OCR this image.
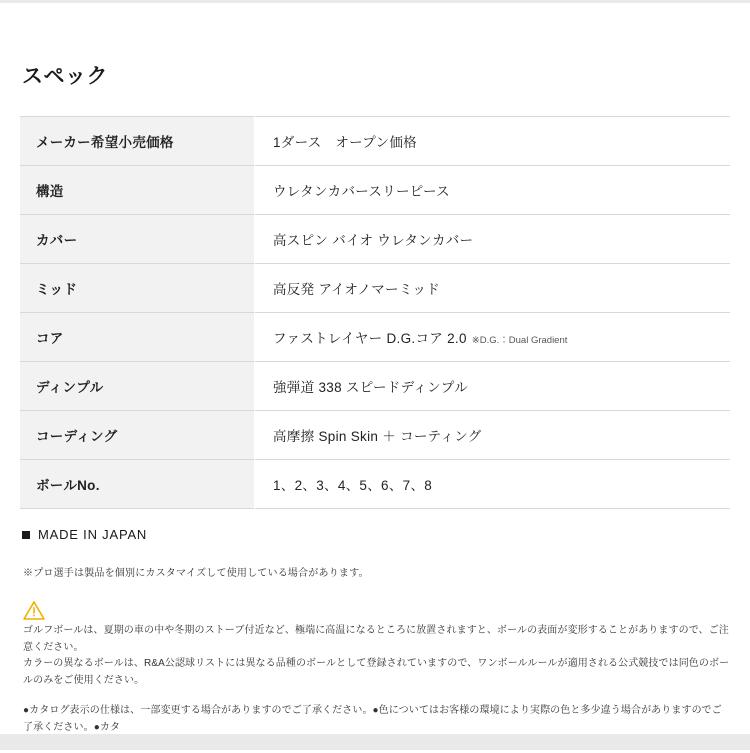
スペック
メーカー希望小売価格	1ダース　オープン価格
構造	ウレタンカバースリーピース
カバー	高スピン バイオ ウレタンカバー
ミッド	高反発 アイオノマーミッド
コア	ファストレイヤー D.G.コア 2.0 ※D.G.：Dual Gradient
ディンプル	強弾道 338 スピードディンプル
コーディング	高摩擦 Spin Skin ＋ コーティング
ボールNo.	1、2、3、4、5、6、7、8
MADE IN JAPAN
※プロ選手は製品を個別にカスタマイズして使用している場合があります。

ゴルフボールは、夏期の車の中や冬期のストーブ付近など、極端に高温になるところに放置されますと、ボールの表面が変形することがありますので、ご注意ください。

カラーの異なるボールは、R&A公認球リストには異なる品種のボールとして登録されていますので、ワンボールルールが適用される公式競技では同色のボールのみをご使用ください。

●カタログ表示の仕様は、一部変更する場合がありますのでご了承ください。●色についてはお客様の環境により実際の色と多少違う場合がありますのでご了承ください。●カタ
